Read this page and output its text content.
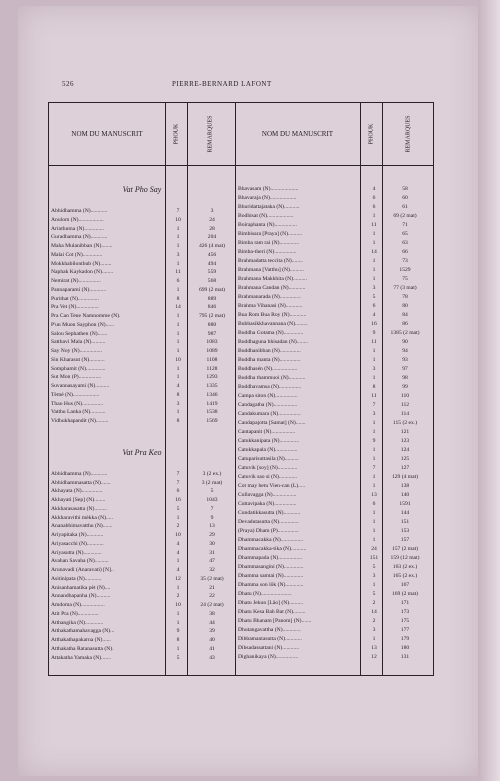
526	PIERRE-BERNARD LAFONT
NOM DU MANUSCRIT	PHOUK	REMARQUES	NOM DU MANUSCRIT	PHOUK	REMARQUES
Vat Pho Say
Abhidhamma (N)............	7	3
Anulom (N)..................	10	24
Arinthuma (N)..............	1	28
Guradhamma (N)............	1	204
Maha Mulanibban (N)........	1	426 (4 mat)
Malai Cot (N)..............	3	456
Mokkhabilonthub (N)........	1	494
Naphak Kaykadon (N)........	11	559
Nemirat (N)................	6	568
Pannaparami (N)............	1	699 (2 mat)
Purithat (N)...............	8	889
Pra Vet (N)................	14	846
Pra Cao Tene Namnomme (N).	1	795 (2 mat)
P'un Muon Sayphon (N)......	1	880
Salou Sephathen (N).......	1	987
Satthavi Mala (N)..........	1	1083
Say Noy (N)................	1	1089
Sin Kharasut (N)...........	10	1108
Somphamit (N)..............	1	1128
Sut Mon (P)................	1	1293
Suvannasayami (N)..........	4	1335
Tèmé (N)...................	8	1346
Thao Hus (N)...............	3	1419
Vatthu Lanka (N)...........	1	1538
Vidhukhapandit (N).........	8	1569
Vat Pra Keo
Abhidhamma (N)............	7	3 (2 ex.)
Abhidhammasatta (N).......	7	3 (2 mat)
Akhayata (N)...............	6	5
Akhayati [Sep] (N)........	16	1043
Akkharasasatta (N).........	5	7
Akkharavithi mèkka (N).....	1	9
Ananabhimavatthu (N).......	2	13
Ariyapitaka (N)............	10	29
Ariyasacchi (N)............	4	30
Ariyasutta (N).............	4	31
Avahan Savaha (N)..........	1	47
Arunavadi (Anaravati) [N]..	4	32
Asitinipata (N)............	12	35 (2 mat)
Anisanhamatika pèt (N)....	1	21
Annandhapanha (N)..........	2	22
Amdoma (N).................	10	24 (2 mat)
Atit Pra (N)...............	1	38
Atthangika (N).............	1	44
Atthakathamahavagga (N)...	9	39
Atthakathapakarna (N)......	8	40
Atthakatha Ratanasutta (N).	1	41
Attakatha Yamaka (N).......	5	43
Bhavasam (N)....................	4	58
Bhavaraja (N)...................	6	60
Bhuridattajataka (N)...........	6	61
Bodhisat (N)...................	1	69 (2 mat)
Boiraphanta (N)................	11	71
Bimbisara [Praya] (N)..........	1	65
Bimba ram rai (N)..............	1	63
Bimba-theri (N)................	14	66
Brahmadatta teccita (N)........	1	73
Brahmana [Vatthu] (N)..........	1	1529
Brahmana Makkhita (N)..........	1	75
Brahmana Candan (N)............	3	77 (3 mat)
Brahmanarada (N)...............	5	78
Brahma Vihanasi (N)............	6	80
Bua Rom Bua Roy (N)............	4	84
Bubbasikkhavannana (N).........	16	86
Buddha Gotama (N)..............	9	1385 (2 mat)
Buddhaguna bhisadan (N)........	11	90
Buddhanibban (N)...............	1	94
Buddha manta (N)...............	1	93
Buddhasén (N)..................	3	97
Buddha thammuoi (N)............	1	98
Buddhavamsa (N)................	8	99
Campa siton (N)................	11	110
Candagatha (N).................	7	112
Candakumara (N)................	3	114
Candapajotta [Samat] (N).......	1	115 (2 ex.)
Cantapanit (N).................	1	121
Catukkanipata (N)..............	9	123
Catukkapala (N)................	1	124
Catuparisuttasila (N)..........	1	125
Catuvik [soy] (N)..............	7	127
Catuvik sao si (N).............	1	129 (4 mat)
Cot may hetu Vien-can (L).....	1	138
Cullavagga (N).................	13	140
Cuttavipaka (N)................	6	1591
Cundatikkasutta (N)............	1	144
Devadutasutta (N)..............	1	151
(Praya) Dham (P)...............	1	153
Dhammacakka (N)................	1	157
Dhammacakka-tika (N)...........	24	157 (2 mat)
Dhammapada (N).................	151	159 (12 mat)
Dhammasangini (N)..............	5	163 (2 ex.)
Dhamma samtai (N)..............	3	165 (2 ex.)
Dhamma son lôk (N).............	1	167
Dhatu (N)......................	5	169 (2 mat)
Dhatu Jekun [Lâo] (N)..........	2	171
Dhatu Kesa Bah Bat (N).........	14	173
Dhatu Bhanam [Panom] (N).......	2	175
Dhutangavattha (N).............	3	177
Dibbamantasutta (N)............	1	179
Dibsadassattani (N)............	13	180
Dighanikaya (N)................	12	131
